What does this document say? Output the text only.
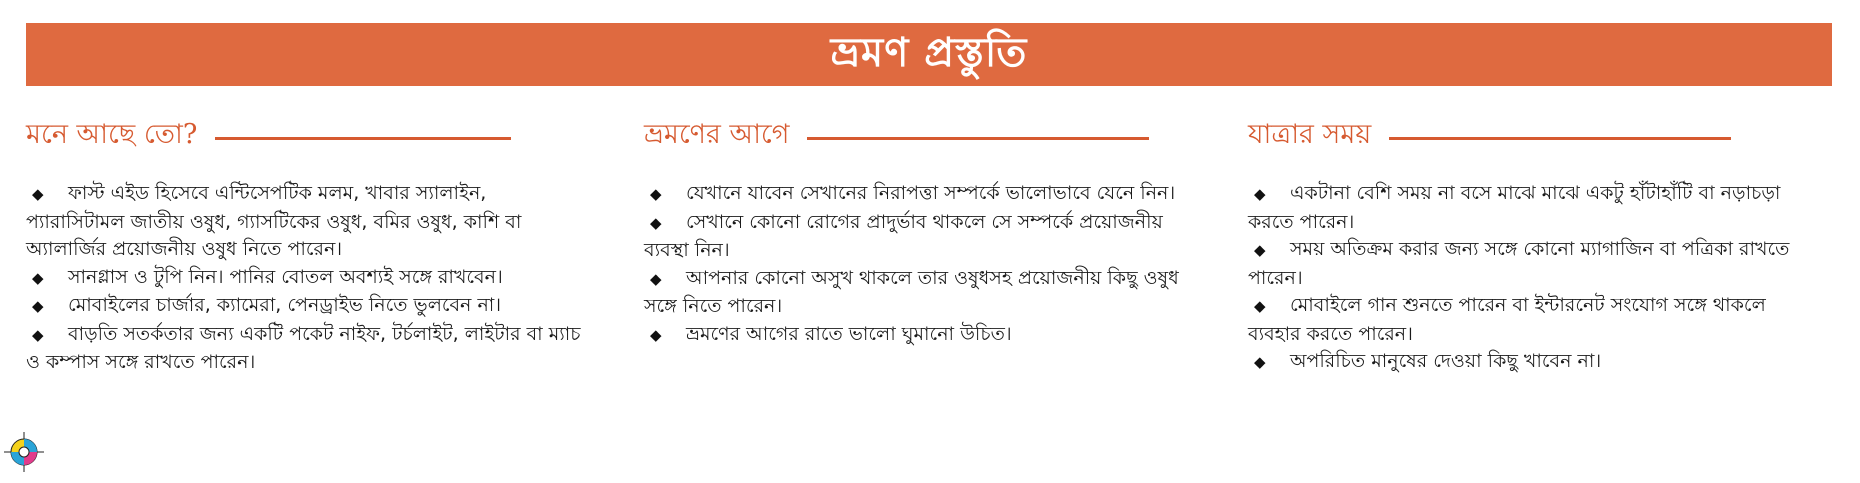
ভ্রমণ প্রস্তুতি
মনে আছে তো?
◆ ফাস্ট এইড হিসেবে এন্টিসেপটিক মলম, খাবার স্যালাইন, প্যারাসিটামল জাতীয় ওষুধ, গ্যাসটিকের ওষুধ, বমির ওষুধ, কাশি বা অ্যালার্জির প্রয়োজনীয় ওষুধ নিতে পারেন।
◆ সানগ্লাস ও টুপি নিন। পানির বোতল অবশ্যই সঙ্গে রাখবেন।
◆ মোবাইলের চার্জার, ক্যামেরা, পেনড্রাইভ নিতে ভুলবেন না।
◆ বাড়তি সতর্কতার জন্য একটি পকেট নাইফ, টর্চলাইট, লাইটার বা ম্যাচ ও কম্পাস সঙ্গে রাখতে পারেন।
ভ্রমণের আগে
◆ যেখানে যাবেন সেখানের নিরাপত্তা সম্পর্কে ভালোভাবে যেনে নিন।
◆ সেখানে কোনো রোগের প্রাদুর্ভাব থাকলে সে সম্পর্কে প্রয়োজনীয় ব্যবস্থা নিন।
◆ আপনার কোনো অসুখ থাকলে তার ওষুধসহ প্রয়োজনীয় কিছু ওষুধ সঙ্গে নিতে পারেন।
◆ ভ্রমণের আগের রাতে ভালো ঘুমানো উচিত।
যাত্রার সময়
◆ একটানা বেশি সময় না বসে মাঝে মাঝে একটু হাঁটাহাঁটি বা নড়াচড়া করতে পারেন।
◆ সময় অতিক্রম করার জন্য সঙ্গে কোনো ম্যাগাজিন বা পত্রিকা রাখতে পারেন।
◆ মোবাইলে গান শুনতে পারেন বা ইন্টারনেট সংযোগ সঙ্গে থাকলে ব্যবহার করতে পারেন।
◆ অপরিচিত মানুষের দেওয়া কিছু খাবেন না।
